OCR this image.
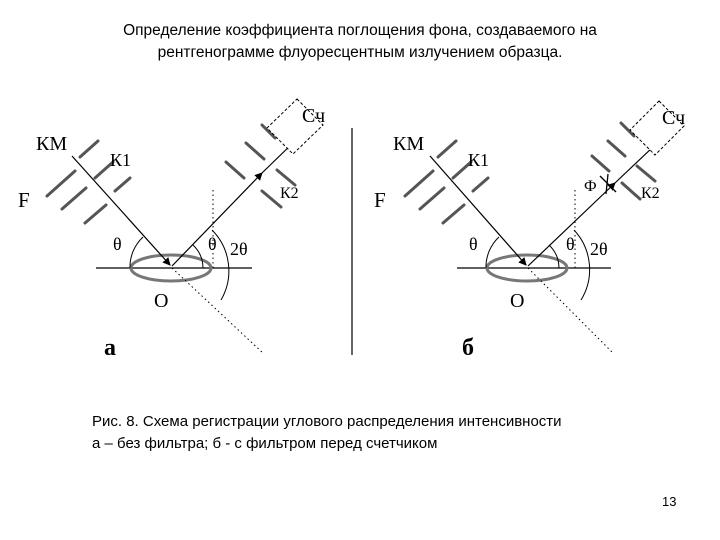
Определение коэффициента поглощения фона, создаваемого на
рентгенограмме флуоресцентным излучением образца.
КМ
F
К1
К2
Сч
θ	θ 2θ
О
а
КМ
F
К1
К2
Сч
Ф
θ	θ 2θ
О
б
Рис. 8. Схема регистрации углового распределения интенсивности
а – без фильтра; б - с фильтром перед счетчиком
13
